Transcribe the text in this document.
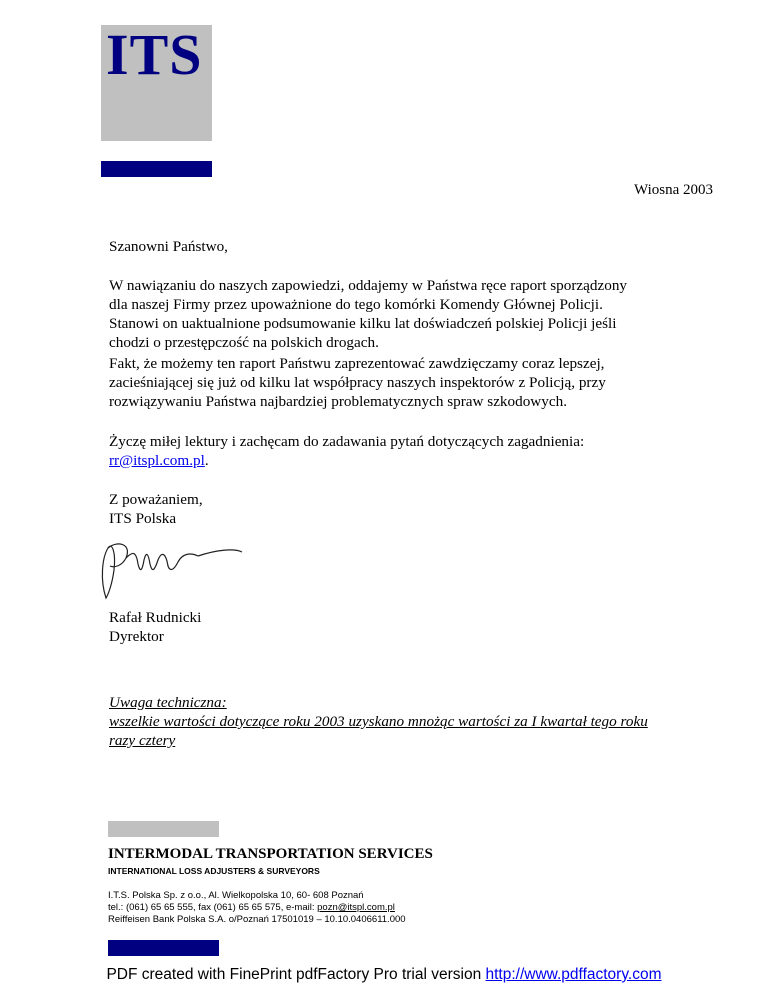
ITS
Wiosna 2003
Szanowni Państwo,

W nawiązaniu do naszych zapowiedzi, oddajemy w Państwa ręce raport sporządzony

dla naszej Firmy przez upoważnione do tego komórki Komendy Głównej Policji.

Stanowi on uaktualnione podsumowanie kilku lat doświadczeń polskiej Policji jeśli

chodzi o przestępczość na polskich drogach.

Fakt, że możemy ten raport Państwu zaprezentować zawdzięczamy coraz lepszej,

zacieśniającej się już od kilku lat współpracy naszych inspektorów z Policją, przy

rozwiązywaniu Państwa najbardziej problematycznych spraw szkodowych.

Życzę miłej lektury i zachęcam do zadawania pytań dotyczących zagadnienia:

rr@itspl.com.pl.

Z poważaniem,

ITS Polska

Rafał Rudnicki

Dyrektor

Uwaga techniczna:

wszelkie wartości dotyczące roku 2003 uzyskano mnożąc wartości za I kwartał tego roku

razy cztery

INTERMODAL TRANSPORTATION SERVICES
INTERNATIONAL LOSS ADJUSTERS & SURVEYORS

I.T.S. Polska Sp. z o.o., Al. Wielkopolska 10, 60- 608 Poznań

tel.: (061) 65 65 555, fax (061) 65 65 575, e-mail: pozn@itspl.com.pl

Reiffeisen Bank Polska S.A. o/Poznań 17501019 – 10.10.0406611.000

PDF created with FinePrint pdfFactory Pro trial version http://www.pdffactory.com
